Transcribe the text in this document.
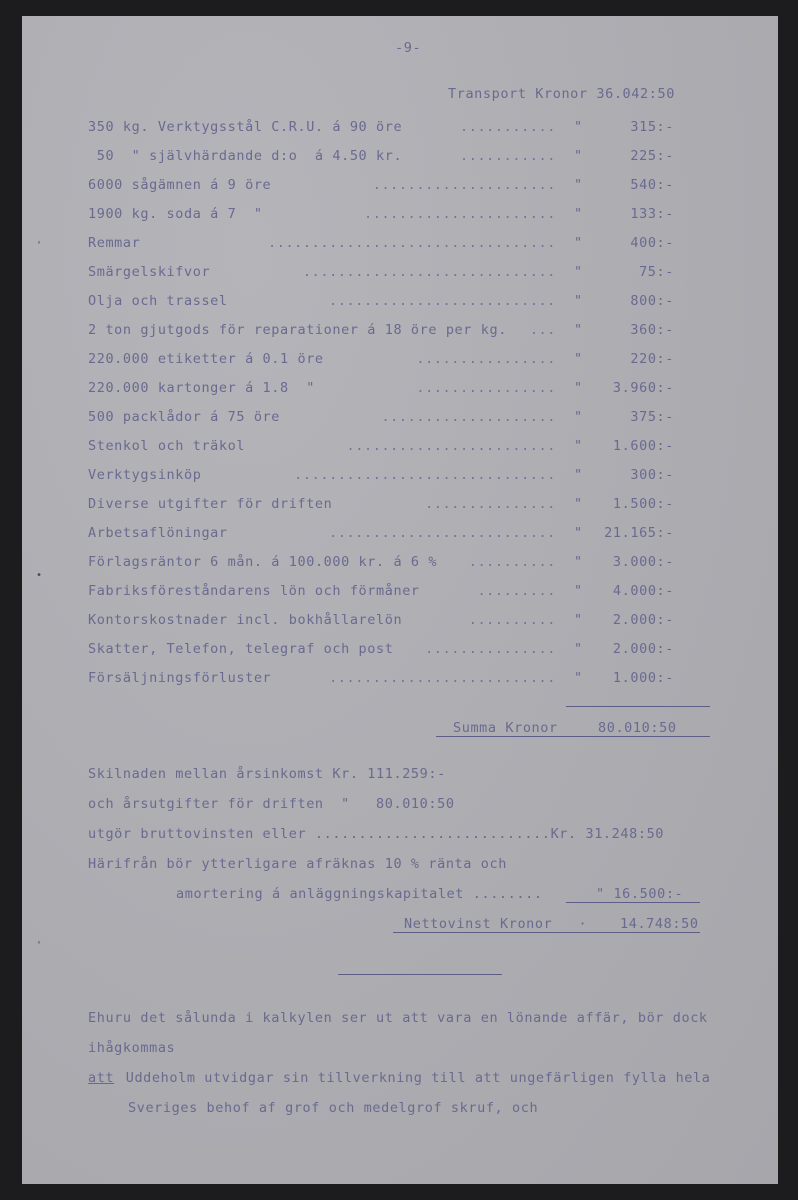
-9-
Transport Kronor 36.042:50
350 kg. Verktygsstål C.R.U. á 90 öre	........... "	315:-
50  " självhärdande d:o  á 4.50 kr.	........... "	225:-
6000 sågämnen á 9 öre	..................... "	540:-
1900 kg. soda á 7  "	...................... "	133:-
Remmar	................................. "	400:-
Smärgelskifvor	............................. "	75:-
Olja och trassel	.......................... "	800:-
2 ton gjutgods för reparationer á 18 öre per kg. ... "	360:-
220.000 etiketter á 0.1 öre	................ "	220:-
220.000 kartonger á 1.8  "	................ " 3.960:-
500 packlådor á 75 öre	.................... "	375:-
Stenkol och träkol	........................ " 1.600:-
Verktygsinköp	.............................. "	300:-
Diverse utgifter för driften	............... " 1.500:-
Arbetsaflöningar	.......................... " 21.165:-
Förlagsräntor 6 mån. á 100.000 kr. á 6 % .......... " 3.000:-
Fabriksföreståndarens lön och förmåner	......... " 4.000:-
Kontorskostnader incl. bokhållarelön	.......... " 2.000:-
Skatter, Telefon, telegraf och post ............... " 2.000:-
Försäljningsförluster	.......................... " 1.000:-
Summa Kronor	80.010:50
Skilnaden mellan årsinkomst Kr. 111.259:-
och årsutgifter för driften  "   80.010:50
utgör bruttovinsten eller ...........................Kr. 31.248:50
Härifrån bör ytterligare afräknas 10 % ränta och
amortering á anläggningskapitalet ........	" 16.500:-
Nettovinst Kronor   · 14.748:50
Ehuru det sålunda i kalkylen ser ut att vara en lönande affär, bör dock
ihågkommas
att Uddeholm utvidgar sin tillverkning till att ungefärligen fylla hela
Sveriges behof af grof och medelgrof skruf, och
'
•
'
